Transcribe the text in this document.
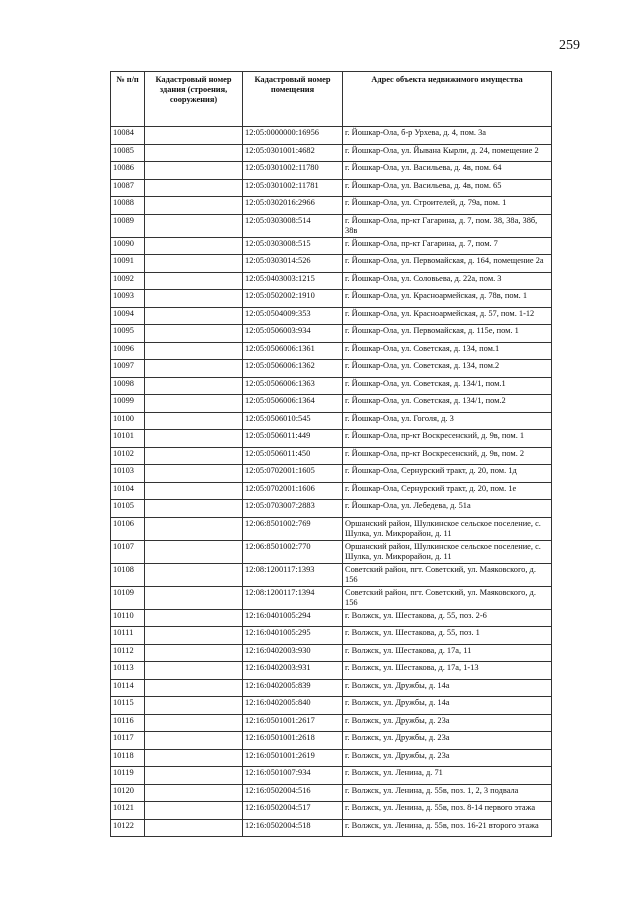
259
№ п/п	Кадастровый номер здания (строения, сооружения)	Кадастровый номер помещения	Адрес объекта недвижимого имущества
10084		12:05:0000000:16956	г. Йошкар-Ола, б-р Урхева, д. 4, пом. 3а
10085		12:05:0301001:4682	г. Йошкар-Ола, ул. Йывана Кырли, д. 24, помещение 2
10086		12:05:0301002:11780	г. Йошкар-Ола, ул. Васильева, д. 4в, пом. 64
10087		12:05:0301002:11781	г. Йошкар-Ола, ул. Васильева, д. 4в, пом. 65
10088		12:05:0302016:2966	г. Йошкар-Ола, ул. Строителей, д. 79а, пом. 1
10089		12:05:0303008:514	г. Йошкар-Ола, пр-кт Гагарина, д. 7, пом. 38, 38а, 38б, 38в
10090		12:05:0303008:515	г. Йошкар-Ола, пр-кт Гагарина, д. 7, пом. 7
10091		12:05:0303014:526	г. Йошкар-Ола, ул. Первомайская, д. 164, помещение 2а
10092		12:05:0403003:1215	г. Йошкар-Ола, ул. Соловьева, д. 22а, пом. 3
10093		12:05:0502002:1910	г. Йошкар-Ола, ул. Красноармейская, д. 78в, пом. 1
10094		12:05:0504009:353	г. Йошкар-Ола, ул. Красноармейская, д. 57, пом. 1-12
10095		12:05:0506003:934	г. Йошкар-Ола, ул. Первомайская, д. 115е, пом. 1
10096		12:05:0506006:1361	г. Йошкар-Ола, ул. Советская, д. 134, пом.1
10097		12:05:0506006:1362	г. Йошкар-Ола, ул. Советская, д. 134, пом.2
10098		12:05:0506006:1363	г. Йошкар-Ола, ул. Советская, д. 134/1, пом.1
10099		12:05:0506006:1364	г. Йошкар-Ола, ул. Советская, д. 134/1, пом.2
10100		12:05:0506010:545	г. Йошкар-Ола, ул. Гоголя, д. 3
10101		12:05:0506011:449	г. Йошкар-Ола, пр-кт Воскресенский, д. 9в, пом. 1
10102		12:05:0506011:450	г. Йошкар-Ола, пр-кт Воскресенский, д. 9в, пом. 2
10103		12:05:0702001:1605	г. Йошкар-Ола, Сернурский тракт, д. 20, пом. 1д
10104		12:05:0702001:1606	г. Йошкар-Ола, Сернурский тракт, д. 20, пом. 1е
10105		12:05:0703007:2883	г. Йошкар-Ола, ул. Лебедева, д. 51а
10106		12:06:8501002:769	Оршанский район, Шулкинское сельское поселение, с. Шулка, ул. Микрорайон, д. 11
10107		12:06:8501002:770	Оршанский район, Шулкинское сельское поселение, с. Шулка, ул. Микрорайон, д. 11
10108		12:08:1200117:1393	Советский район, пгт. Советский, ул. Маяковского, д. 156
10109		12:08:1200117:1394	Советский район, пгт. Советский, ул. Маяковского, д. 156
10110		12:16:0401005:294	г. Волжск, ул. Шестакова, д. 55, поз. 2-6
10111		12:16:0401005:295	г. Волжск, ул. Шестакова, д. 55, поз. 1
10112		12:16:0402003:930	г. Волжск, ул. Шестакова, д. 17а, 11
10113		12:16:0402003:931	г. Волжск, ул. Шестакова, д. 17а, 1-13
10114		12:16:0402005:839	г. Волжск, ул. Дружбы, д. 14а
10115		12:16:0402005:840	г. Волжск, ул. Дружбы, д. 14а
10116		12:16:0501001:2617	г. Волжск, ул. Дружбы, д. 23а
10117		12:16:0501001:2618	г. Волжск, ул. Дружбы, д. 23а
10118		12:16:0501001:2619	г. Волжск, ул. Дружбы, д. 23а
10119		12:16:0501007:934	г. Волжск, ул. Ленина, д. 71
10120		12:16:0502004:516	г. Волжск, ул. Ленина, д. 55в, поз. 1, 2, 3 подвала
10121		12:16:0502004:517	г. Волжск, ул. Ленина, д. 55в, поз. 8-14 первого этажа
10122		12:16:0502004:518	г. Волжск, ул. Ленина, д. 55в, поз. 16-21 второго этажа
